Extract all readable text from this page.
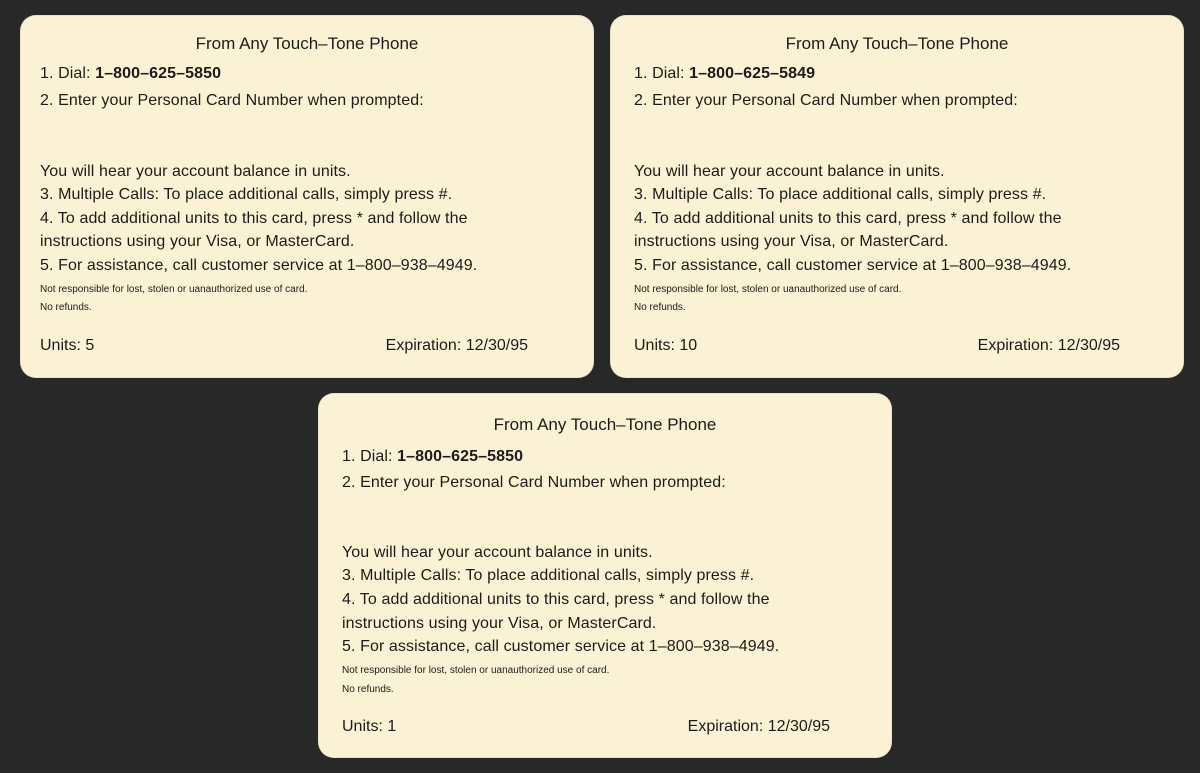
From Any Touch–Tone Phone
1. Dial: 1–800–625–5850
2. Enter your Personal Card Number when prompted:
You will hear your account balance in units.
3. Multiple Calls: To place additional calls, simply press #.
4. To add additional units to this card, press * and follow the
instructions using your Visa, or MasterCard.
5. For assistance, call customer service at 1–800–938–4949.
Not responsible for lost, stolen or uanauthorized use of card.
No refunds.
Units: 5	Expiration: 12/30/95
From Any Touch–Tone Phone
1. Dial: 1–800–625–5849
2. Enter your Personal Card Number when prompted:
You will hear your account balance in units.
3. Multiple Calls: To place additional calls, simply press #.
4. To add additional units to this card, press * and follow the
instructions using your Visa, or MasterCard.
5. For assistance, call customer service at 1–800–938–4949.
Not responsible for lost, stolen or uanauthorized use of card.
No refunds.
Units: 10	Expiration: 12/30/95
From Any Touch–Tone Phone
1. Dial: 1–800–625–5850
2. Enter your Personal Card Number when prompted:
You will hear your account balance in units.
3. Multiple Calls: To place additional calls, simply press #.
4. To add additional units to this card, press * and follow the
instructions using your Visa, or MasterCard.
5. For assistance, call customer service at 1–800–938–4949.
Not responsible for lost, stolen or uanauthorized use of card.
No refunds.
Units: 1	Expiration: 12/30/95
